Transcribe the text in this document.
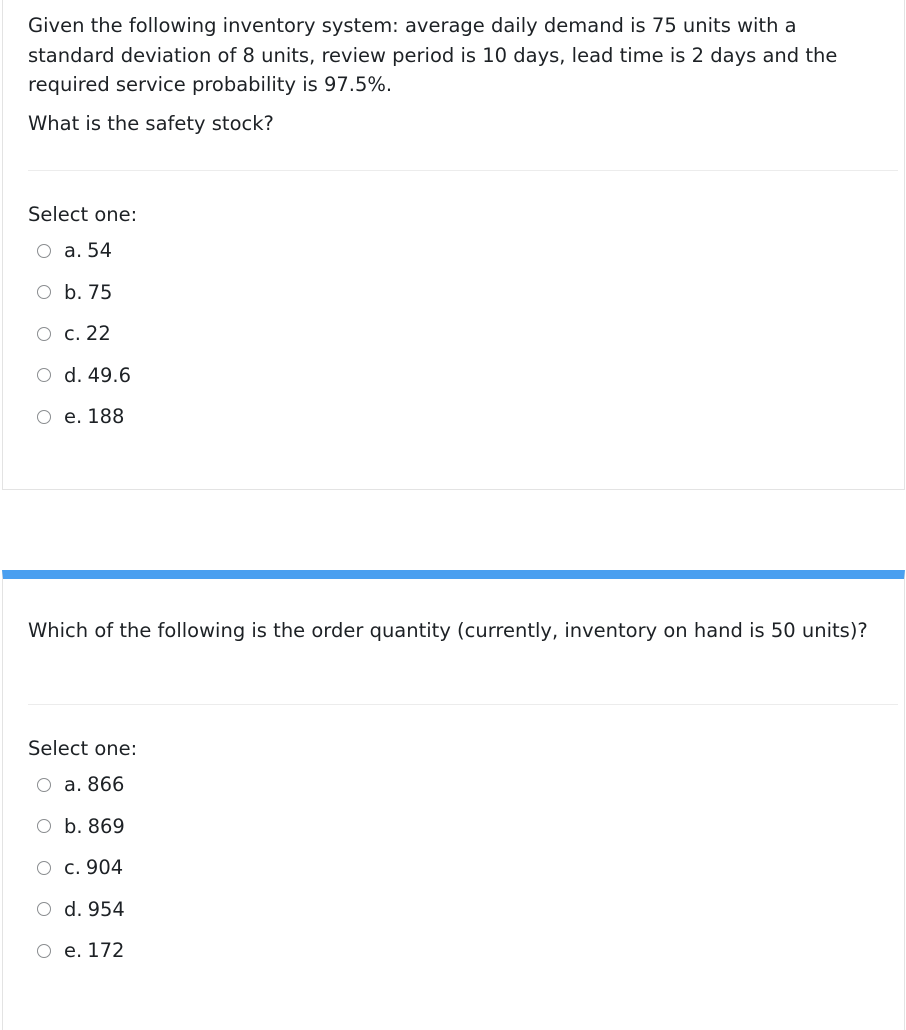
Given the following inventory system: average daily demand is 75 units with a standard deviation of 8 units, review period is 10 days, lead time is 2 days and the required service probability is 97.5%.

What is the safety stock?

Select one:
a. 54
b. 75
c. 22
d. 49.6
e. 188

Which of the following is the order quantity (currently, inventory on hand is 50 units)?

Select one:
a. 866
b. 869
c. 904
d. 954
e. 172
